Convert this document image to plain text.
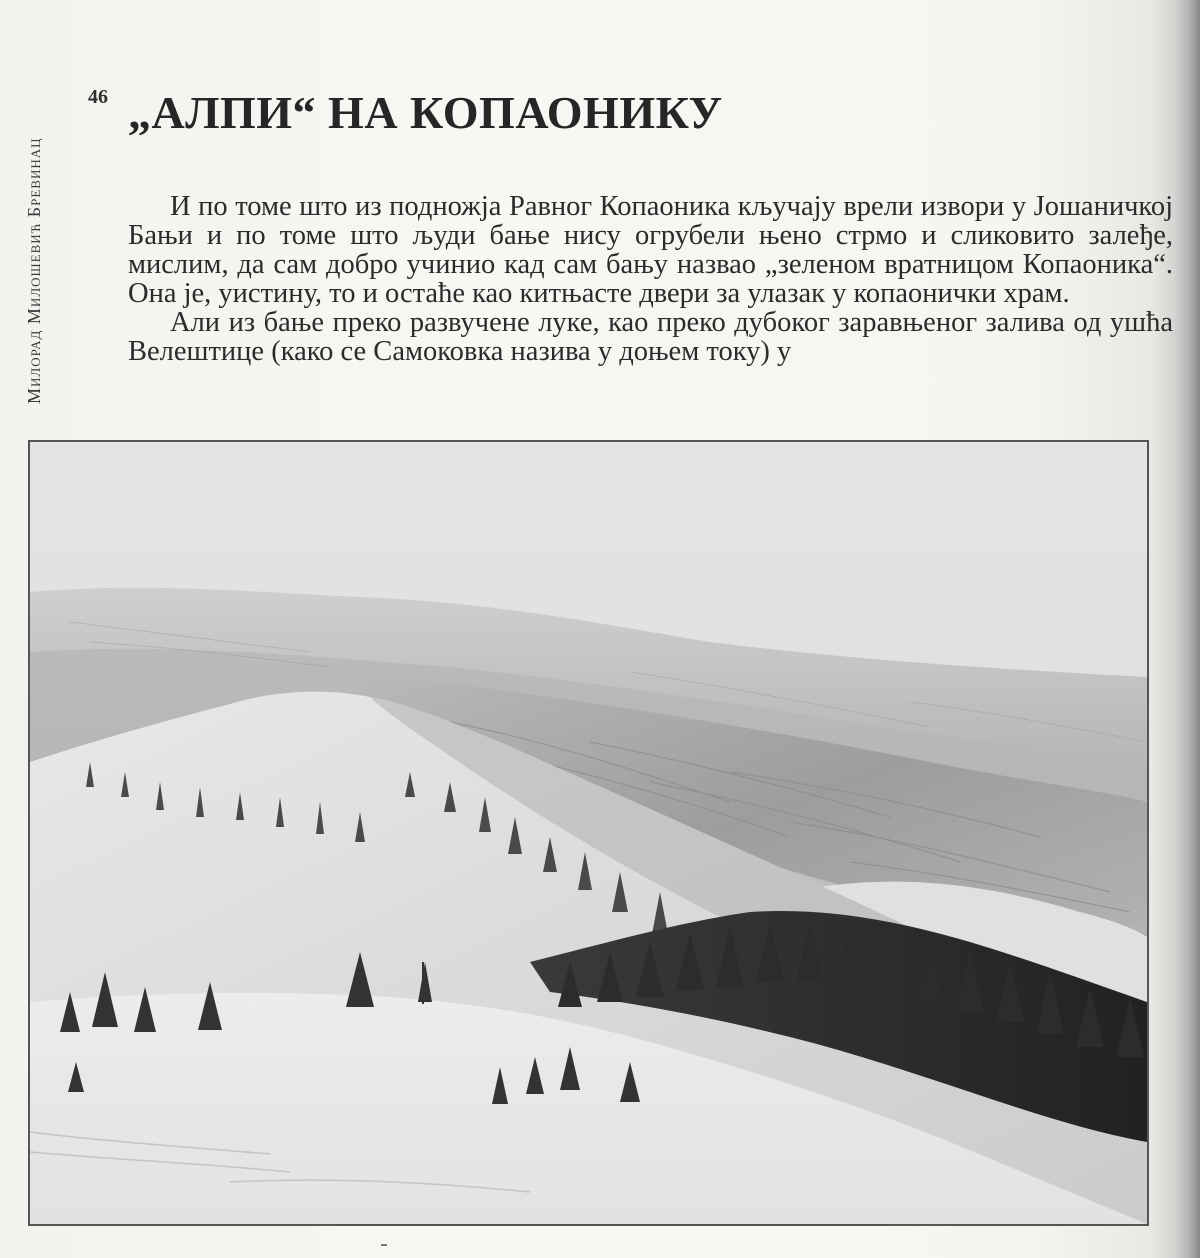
Милорад Милошевић Бревинац
46 „АЛПИ“ НА КОПАОНИКУ

И по томе што из подножја Равног Копаоника кључају врели извори у Јошаничкој Бањи и по томе што људи бање нису огрубели њено стрмо и сликовито залеђе, мислим, да сам добро учинио кад сам бању назвао „зеленом вратницом Копаоника“. Она је, уистину, то и остаће као китњасте двери за улазак у копаонички храм.

Али из бање преко развучене луке, као преко дубоког заравњеног залива од ушћа Велештице (како се Самоковка назива у доњем току) у
